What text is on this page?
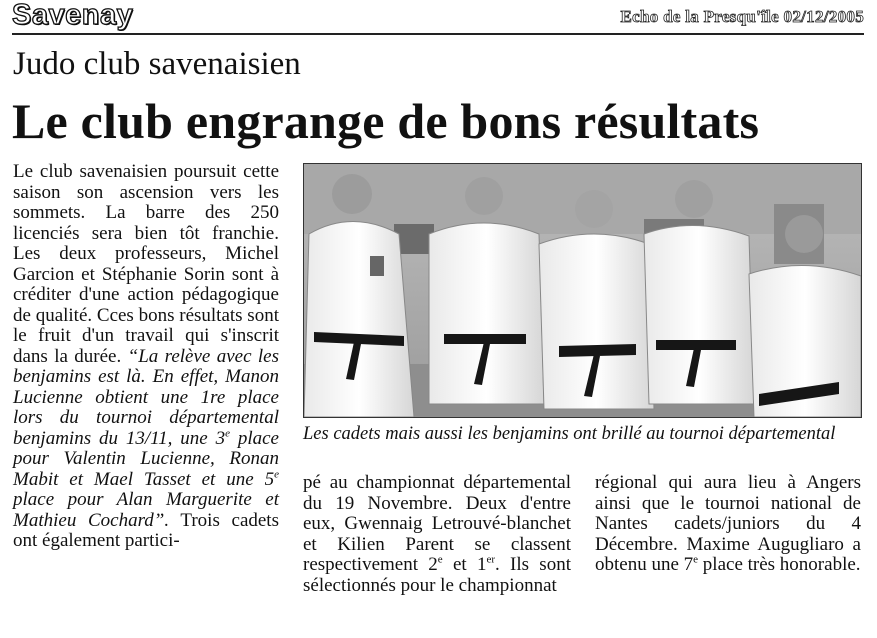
Savenay	Echo de la Presqu'île 02/12/2005
Judo club savenaisien
Le club engrange de bons résultats

Le club savenaisien poursuit cette saison son ascension vers les sommets. La barre des 250 licenciés sera bien tôt franchie. Les deux professeurs, Michel Garcion et Stéphanie Sorin sont à créditer d'une action pédagogique de qualité. Cces bons résultats sont le fruit d'un travail qui s'inscrit dans la durée. “La relève avec les benjamins est là. En effet, Manon Lucienne obtient une 1re place lors du tournoi départemental benjamins du 13/11, une 3e place pour Valentin Lucienne, Ronan Mabit et Mael Tasset et une 5e place pour Alan Marguerite et Mathieu Cochard”. Trois cadets ont également partici-

Les cadets mais aussi les benjamins ont brillé au tournoi départemental

pé au championnat départemental du 19 Novembre. Deux d'entre eux, Gwennaig Letrouvé-blanchet et Kilien Parent se classent respectivement 2e et 1er. Ils sont sélectionnés pour le championnat

régional qui aura lieu à Angers ainsi que le tournoi national de Nantes cadets/juniors du 4 Décembre. Maxime Augugliaro a obtenu une 7e place très honorable.
